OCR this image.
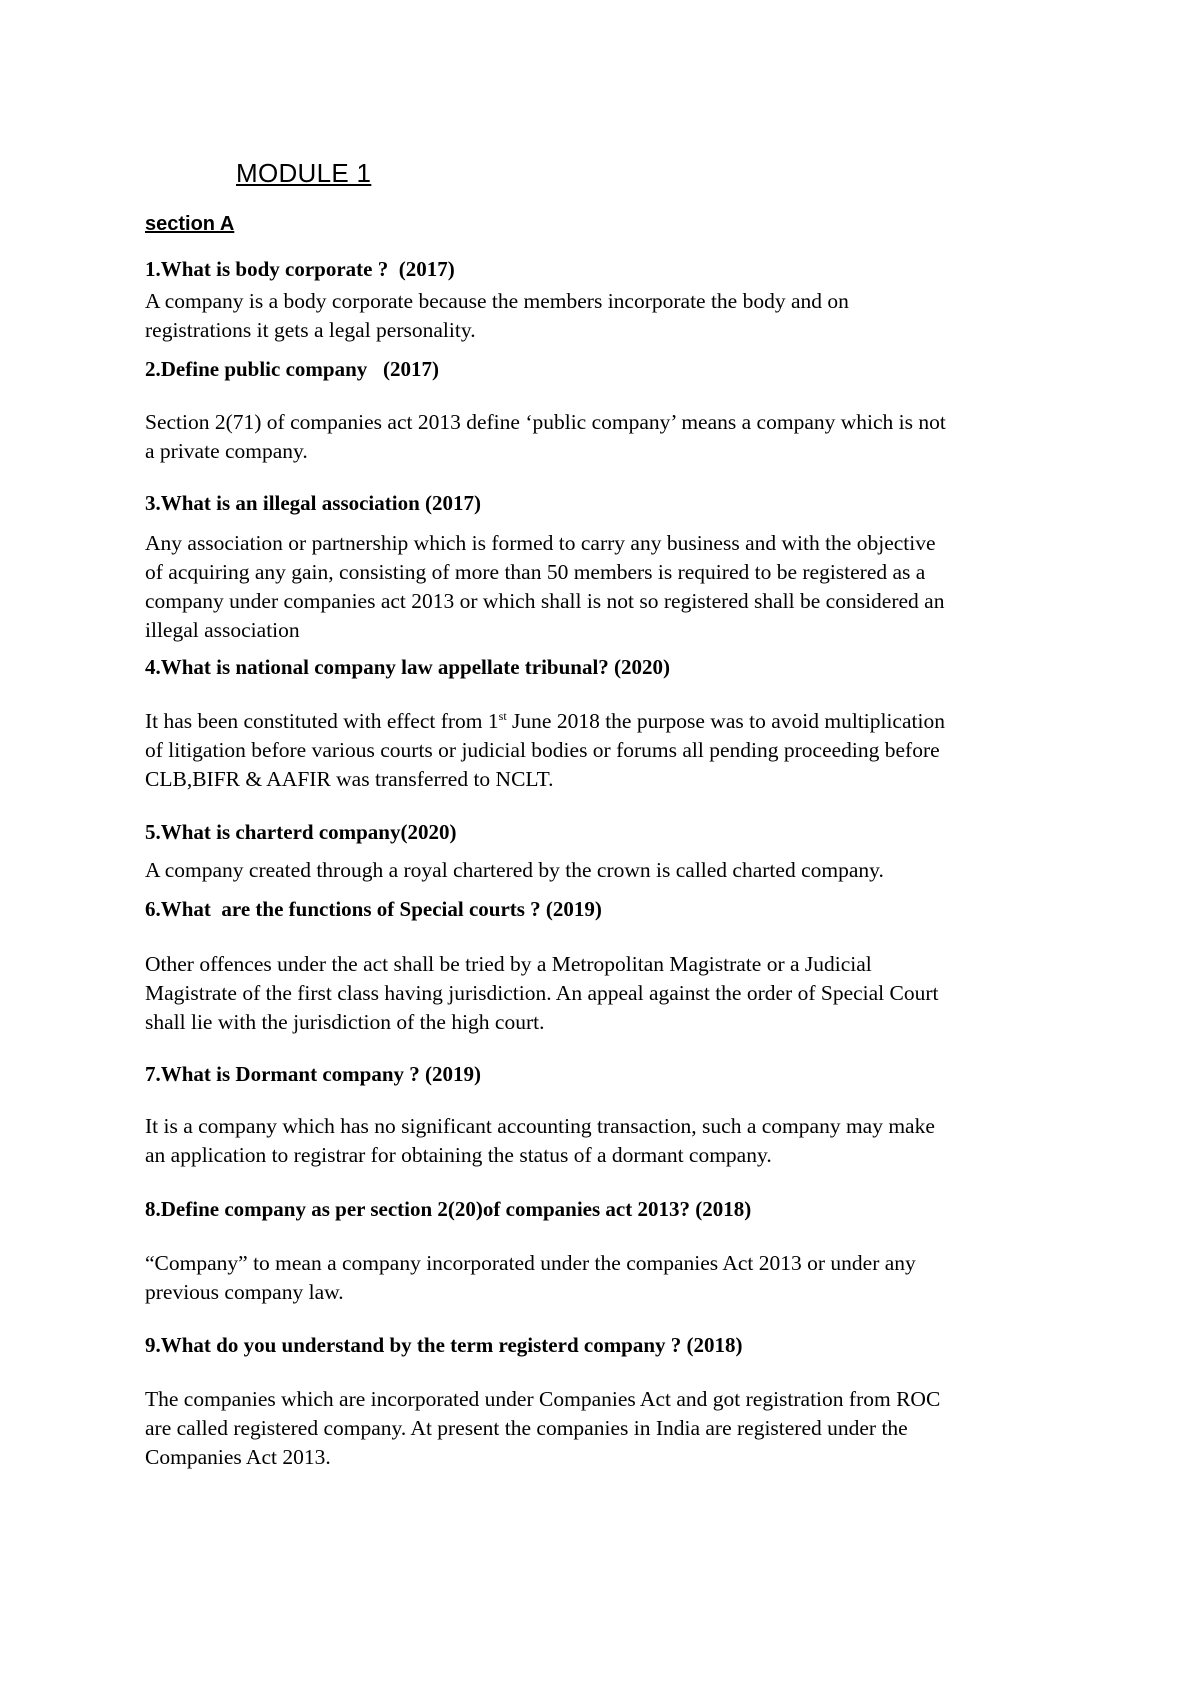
MODULE 1
section A
1.What is body corporate ?  (2017)
A company is a body corporate because the members incorporate the body and on
registrations it gets a legal personality.
2.Define public company   (2017)
Section 2(71) of companies act 2013 define ‘public company’ means a company which is not
a private company.
3.What is an illegal association (2017)
Any association or partnership which is formed to carry any business and with the objective
of acquiring any gain, consisting of more than 50 members is required to be registered as a
company under companies act 2013 or which shall is not so registered shall be considered an
illegal association
4.What is national company law appellate tribunal? (2020)
It has been constituted with effect from 1st June 2018 the purpose was to avoid multiplication
of litigation before various courts or judicial bodies or forums all pending proceeding before
CLB,BIFR & AAFIR was transferred to NCLT.
5.What is charterd company(2020)
A company created through a royal chartered by the crown is called charted company.
6.What  are the functions of Special courts ? (2019)
Other offences under the act shall be tried by a Metropolitan Magistrate or a Judicial
Magistrate of the first class having jurisdiction. An appeal against the order of Special Court
shall lie with the jurisdiction of the high court.
7.What is Dormant company ? (2019)
It is a company which has no significant accounting transaction, such a company may make
an application to registrar for obtaining the status of a dormant company.
8.Define company as per section 2(20)of companies act 2013? (2018)
“Company” to mean a company incorporated under the companies Act 2013 or under any
previous company law.
9.What do you understand by the term registerd company ? (2018)
The companies which are incorporated under Companies Act and got registration from ROC
are called registered company. At present the companies in India are registered under the
Companies Act 2013.
